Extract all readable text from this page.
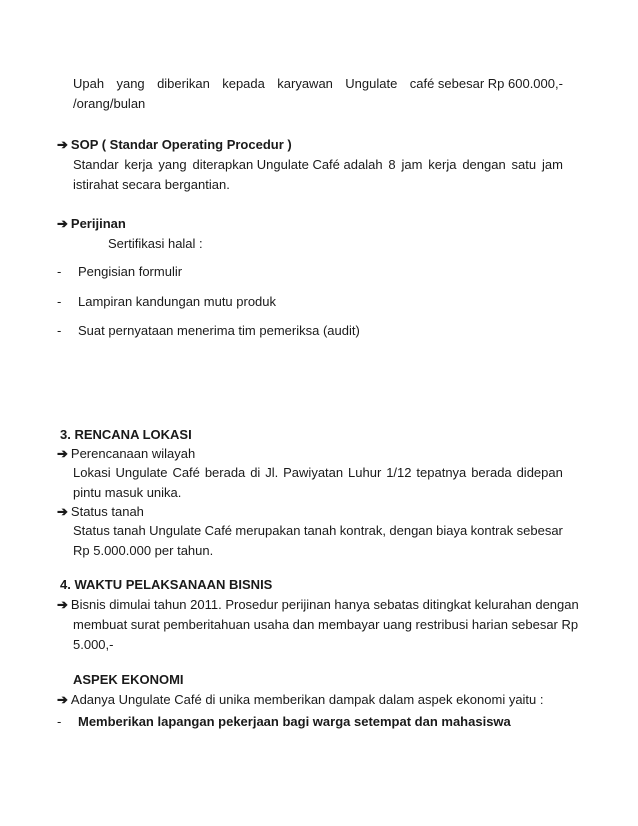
Upah yang diberikan kepada karyawan Ungulate café sebesar Rp 600.000,-
/orang/bulan
➔ SOP ( Standar Operating Procedur )
Standar kerja yang diterapkan Ungulate Café adalah 8 jam kerja dengan satu jam
istirahat secara bergantian.
➔ Perijinan
Sertifikasi halal :
- Pengisian formulir
- Lampiran kandungan mutu produk
- Suat pernyataan menerima tim pemeriksa (audit)
3. RENCANA LOKASI
➔ Perencanaan wilayah
Lokasi Ungulate Café berada di Jl. Pawiyatan Luhur 1/12 tepatnya berada didepan
pintu masuk unika.
➔ Status tanah
Status tanah Ungulate Café merupakan tanah kontrak, dengan biaya kontrak sebesar
Rp 5.000.000 per tahun.
4. WAKTU PELAKSANAAN BISNIS
➔ Bisnis dimulai tahun 2011. Prosedur perijinan hanya sebatas ditingkat kelurahan dengan
membuat surat pemberitahuan usaha dan membayar uang restribusi harian sebesar Rp
5.000,-
ASPEK EKONOMI
➔ Adanya Ungulate Café di unika memberikan dampak dalam aspek ekonomi yaitu :
- Memberikan lapangan pekerjaan bagi warga setempat dan mahasiswa
